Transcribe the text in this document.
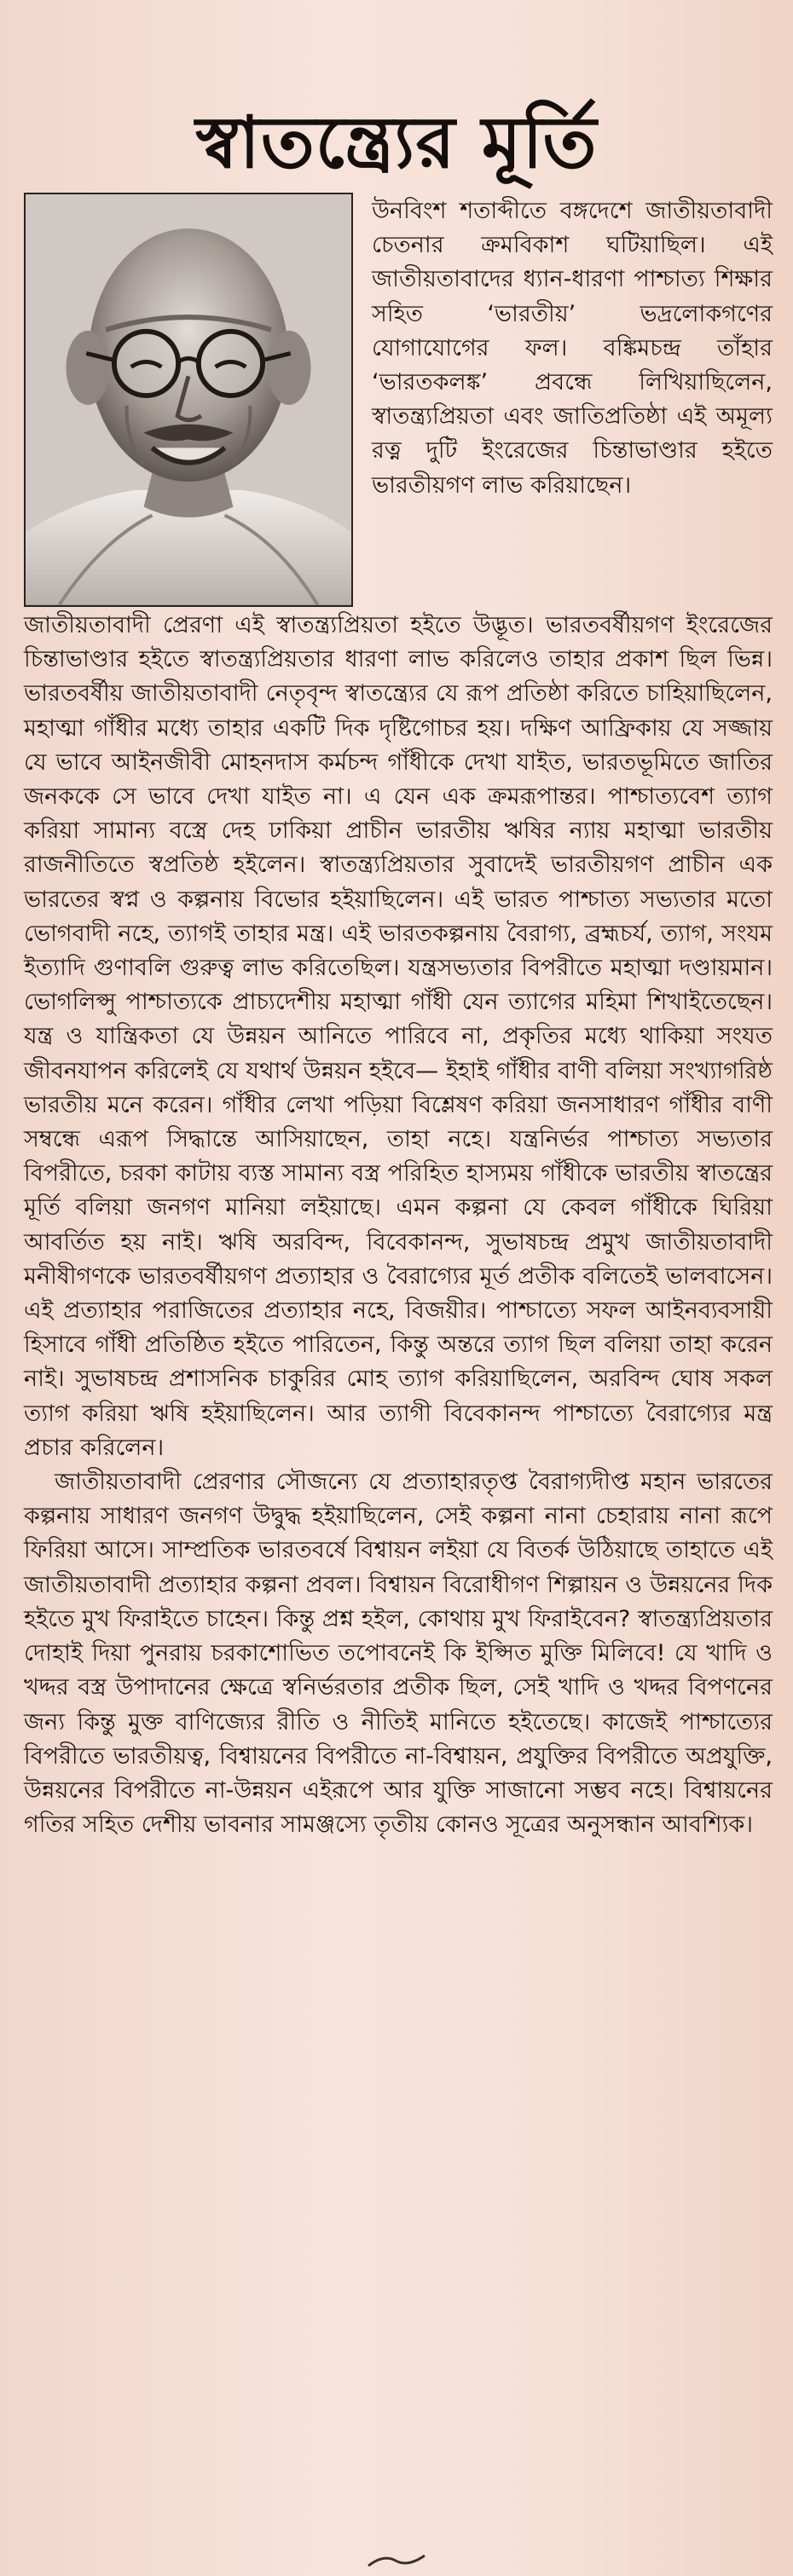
স্বাতন্ত্র্যের মূর্তি

উনবিংশ শতাব্দীতে বঙ্গদেশে জাতীয়তাবাদী চেতনার ক্রমবিকাশ ঘটিয়াছিল। এই জাতীয়তাবাদের ধ্যান-ধারণা পাশ্চাত্য শিক্ষার সহিত ‘ভারতীয়’ ভদ্রলোকগণের যোগাযোগের ফল। বঙ্কিমচন্দ্র তাঁহার ‘ভারতকলঙ্ক’ প্রবন্ধে লিখিয়াছিলেন, স্বাতন্ত্র্যপ্রিয়তা এবং জাতিপ্রতিষ্ঠা এই অমূল্য রত্ন দুটি ইংরেজের চিন্তাভাণ্ডার হইতে ভারতীয়গণ লাভ করিয়াছেন।

জাতীয়তাবাদী প্রেরণা এই স্বাতন্ত্র্যপ্রিয়তা হইতে উদ্ভূত। ভারতবর্ষীয়গণ ইংরেজের চিন্তাভাণ্ডার হইতে স্বাতন্ত্র্যপ্রিয়তার ধারণা লাভ করিলেও তাহার প্রকাশ ছিল ভিন্ন। ভারতবর্ষীয় জাতীয়তাবাদী নেতৃবৃন্দ স্বাতন্ত্র্যের যে রূপ প্রতিষ্ঠা করিতে চাহিয়াছিলেন, মহাত্মা গাঁধীর মধ্যে তাহার একটি দিক দৃষ্টিগোচর হয়। দক্ষিণ আফ্রিকায় যে সজ্জায় যে ভাবে আইনজীবী মোহনদাস কর্মচন্দ গাঁধীকে দেখা যাইত, ভারতভূমিতে জাতির জনককে সে ভাবে দেখা যাইত না। এ যেন এক ক্রমরূপান্তর। পাশ্চাত্যবেশ ত্যাগ করিয়া সামান্য বস্ত্রে দেহ ঢাকিয়া প্রাচীন ভারতীয় ঋষির ন্যায় মহাত্মা ভারতীয় রাজনীতিতে স্বপ্রতিষ্ঠ হইলেন। স্বাতন্ত্র্যপ্রিয়তার সুবাদেই ভারতীয়গণ প্রাচীন এক ভারতের স্বপ্ন ও কল্পনায় বিভোর হইয়াছিলেন। এই ভারত পাশ্চাত্য সভ্যতার মতো ভোগবাদী নহে, ত্যাগই তাহার মন্ত্র। এই ভারতকল্পনায় বৈরাগ্য, ব্রহ্মচর্য, ত্যাগ, সংযম ইত্যাদি গুণাবলি গুরুত্ব লাভ করিতেছিল। যন্ত্রসভ্যতার বিপরীতে মহাত্মা দণ্ডায়মান। ভোগলিপ্সু পাশ্চাত্যকে প্রাচ্যদেশীয় মহাত্মা গাঁধী যেন ত্যাগের মহিমা শিখাইতেছেন। যন্ত্র ও যান্ত্রিকতা যে উন্নয়ন আনিতে পারিবে না, প্রকৃতির মধ্যে থাকিয়া সংযত জীবনযাপন করিলেই যে যথার্থ উন্নয়ন হইবে— ইহাই গাঁধীর বাণী বলিয়া সংখ্যাগরিষ্ঠ ভারতীয় মনে করেন। গাঁধীর লেখা পড়িয়া বিশ্লেষণ করিয়া জনসাধারণ গাঁধীর বাণী সম্বন্ধে এরূপ সিদ্ধান্তে আসিয়াছেন, তাহা নহে। যন্ত্রনির্ভর পাশ্চাত্য সভ্যতার বিপরীতে, চরকা কাটায় ব্যস্ত সামান্য বস্ত্র পরিহিত হাস্যময় গাঁধীকে ভারতীয় স্বাতন্ত্রের মূর্তি বলিয়া জনগণ মানিয়া লইয়াছে। এমন কল্পনা যে কেবল গাঁধীকে ঘিরিয়া আবর্তিত হয় নাই। ঋষি অরবিন্দ, বিবেকানন্দ, সুভাষচন্দ্র প্রমুখ জাতীয়তাবাদী মনীষীগণকে ভারতবর্ষীয়গণ প্রত্যাহার ও বৈরাগ্যের মূর্ত প্রতীক বলিতেই ভালবাসেন। এই প্রত্যাহার পরাজিতের প্রত্যাহার নহে, বিজয়ীর। পাশ্চাত্যে সফল আইনব্যবসায়ী হিসাবে গাঁধী প্রতিষ্ঠিত হইতে পারিতেন, কিন্তু অন্তরে ত্যাগ ছিল বলিয়া তাহা করেন নাই। সুভাষচন্দ্র প্রশাসনিক চাকুরির মোহ ত্যাগ করিয়াছিলেন, অরবিন্দ ঘোষ সকল ত্যাগ করিয়া ঋষি হইয়াছিলেন। আর ত্যাগী বিবেকানন্দ পাশ্চাত্যে বৈরাগ্যের মন্ত্র প্রচার করিলেন।

জাতীয়তাবাদী প্রেরণার সৌজন্যে যে প্রত্যাহারতৃপ্ত বৈরাগ্যদীপ্ত মহান ভারতের কল্পনায় সাধারণ জনগণ উদ্বুদ্ধ হইয়াছিলেন, সেই কল্পনা নানা চেহারায় নানা রূপে ফিরিয়া আসে। সাম্প্রতিক ভারতবর্ষে বিশ্বায়ন লইয়া যে বিতর্ক উঠিয়াছে তাহাতে এই জাতীয়তাবাদী প্রত্যাহার কল্পনা প্রবল। বিশ্বায়ন বিরোধীগণ শিল্পায়ন ও উন্নয়নের দিক হইতে মুখ ফিরাইতে চাহেন। কিন্তু প্রশ্ন হইল, কোথায় মুখ ফিরাইবেন? স্বাতন্ত্র্যপ্রিয়তার দোহাই দিয়া পুনরায় চরকাশোভিত তপোবনেই কি ইপ্সিত মুক্তি মিলিবে! যে খাদি ও খদ্দর বস্ত্র উপাদানের ক্ষেত্রে স্বনির্ভরতার প্রতীক ছিল, সেই খাদি ও খদ্দর বিপণনের জন্য কিন্তু মুক্ত বাণিজ্যের রীতি ও নীতিই মানিতে হইতেছে। কাজেই পাশ্চাত্যের বিপরীতে ভারতীয়ত্ব, বিশ্বায়নের বিপরীতে না-বিশ্বায়ন, প্রযুক্তির বিপরীতে অপ্রযুক্তি, উন্নয়নের বিপরীতে না-উন্নয়ন এইরূপে আর যুক্তি সাজানো সম্ভব নহে। বিশ্বায়নের গতির সহিত দেশীয় ভাবনার সামঞ্জস্যে তৃতীয় কোনও সূত্রের অনুসন্ধান আবশ্যিক।
